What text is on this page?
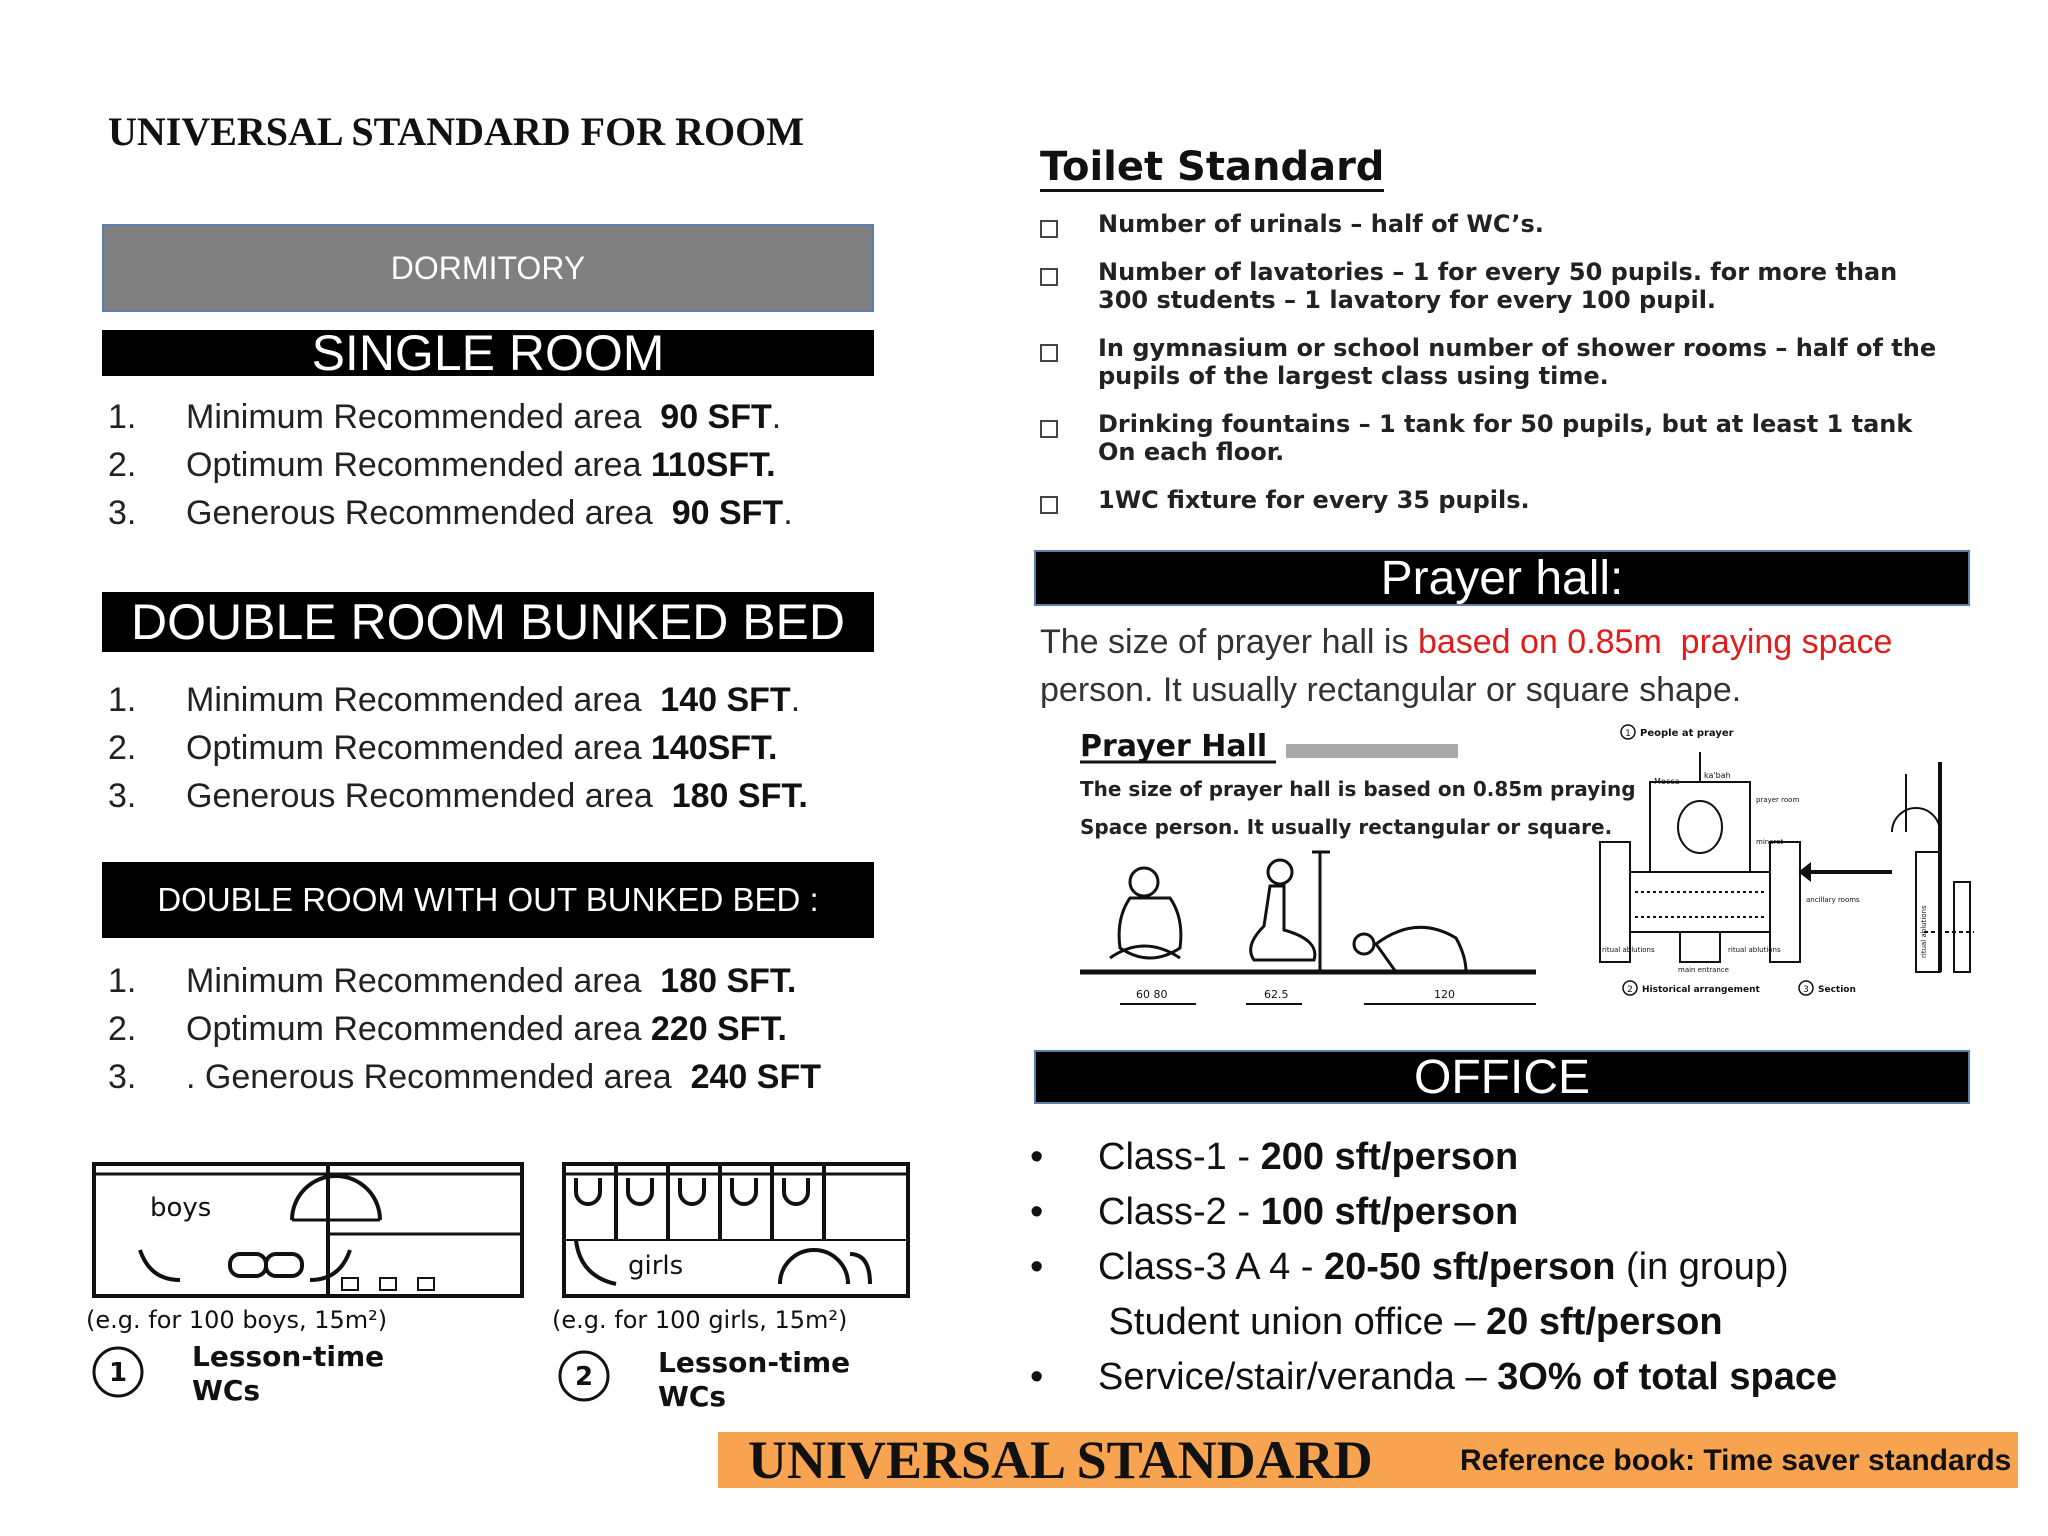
UNIVERSAL STANDARD FOR ROOM
DORMITORY
SINGLE ROOM
1.	Minimum Recommended area 90 SFT .
2.	Optimum Recommended area 110SFT.
3.	Generous Recommended area 90 SFT .
DOUBLE ROOM BUNKED BED
1.	Minimum Recommended area 140 SFT .
2.	Optimum Recommended area 140SFT.
3.	Generous Recommended area 180 SFT.
DOUBLE ROOM WITH OUT BUNKED BED :
1.	Minimum Recommended area 180 SFT.
2.	Optimum Recommended area 220 SFT.
3.	. Generous Recommended area 240 SFT
boys
(e.g. for 100 boys, 15m²)
1 Lesson-time
WCs
girls
(e.g. for 100 girls, 15m²)
2 Lesson-time
WCs
Toilet Standard
Number of urinals – half of WC’s.
Number of lavatories – 1 for every 50 pupils. for more than 300 students – 1 lavatory for every 100 pupil.
In gymnasium or school number of shower rooms – half of the pupils of the largest class using time.
Drinking fountains – 1 tank for 50 pupils, but at least 1 tank On each floor.
1WC fixture for every 35 pupils.
Prayer hall:
The size of prayer hall is based on 0.85m  praying space person. It usually rectangular or square shape.
Prayer Hall
The size of prayer hall is based on 0.85m praying
Space person. It usually rectangular or square.
60 80	62.5	120
1 People at prayer
Mecca
ka'bah
prayer room
minaret
ancillary rooms
ritual ablutions	ritual ablutions
main entrance
2 Historical arrangement
ritual ablutions
3 Section
OFFICE
•	Class-1 - 200 sft/person
•	Class-2 - 100 sft/person
•	Class-3 A 4 - 20-50 sft/person (in group)
Student union office – 20 sft/person
•	Service/stair/veranda – 3O% of total space
UNIVERSAL STANDARD	Reference book: Time saver standards
